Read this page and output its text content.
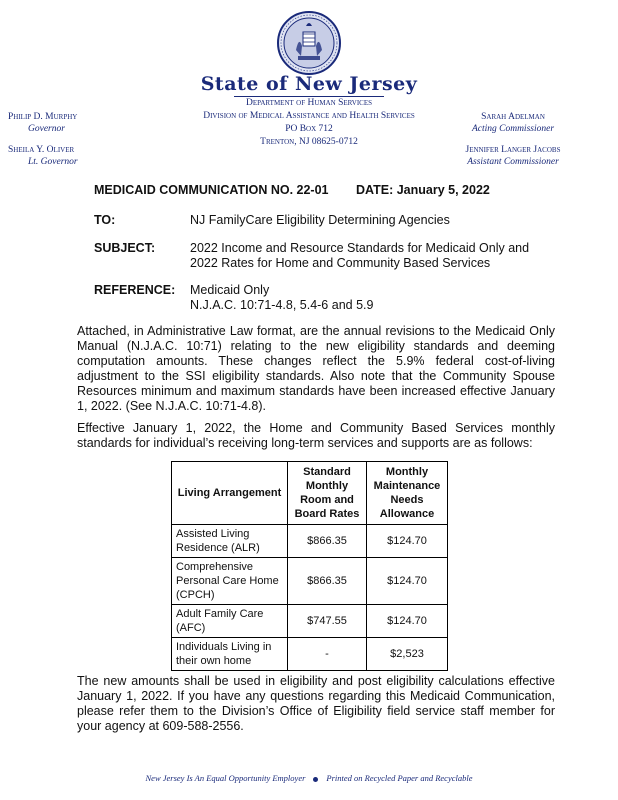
State of New Jersey
Department of Human Services
Division of Medical Assistance and Health Services
PO Box 712
Trenton, NJ 08625-0712
Philip D. Murphy
Governor
Sheila Y. Oliver
Lt. Governor
Sarah Adelman
Acting Commissioner
Jennifer Langer Jacobs
Assistant Commissioner
MEDICAID COMMUNICATION NO. 22-01 DATE: January 5, 2022
TO:	NJ FamilyCare Eligibility Determining Agencies
SUBJECT:	2022 Income and Resource Standards for Medicaid Only and 2022 Rates for Home and Community Based Services
REFERENCE: Medicaid Only
N.J.A.C. 10:71-4.8, 5.4-6 and 5.9
Attached, in Administrative Law format, are the annual revisions to the Medicaid Only Manual (N.J.A.C. 10:71) relating to the new eligibility standards and deeming computation amounts. These changes reflect the 5.9% federal cost-of-living adjustment to the SSI eligibility standards. Also note that the Community Spouse Resources minimum and maximum standards have been increased effective January 1, 2022. (See N.J.A.C. 10:71-4.8).
Effective January 1, 2022, the Home and Community Based Services monthly standards for individual’s receiving long-term services and supports are as follows:
Living Arrangement	Standard Monthly Room and Board Rates	Monthly Maintenance Needs Allowance
Assisted Living Residence (ALR)	$866.35	$124.70
Comprehensive Personal Care Home (CPCH)	$866.35	$124.70
Adult Family Care (AFC)	$747.55	$124.70
Individuals Living in their own home	-	$2,523
The new amounts shall be used in eligibility and post eligibility calculations effective January 1, 2022. If you have any questions regarding this Medicaid Communication, please refer them to the Division’s Office of Eligibility field service staff member for your agency at 609-588-2556.
New Jersey Is An Equal Opportunity Employer Printed on Recycled Paper and Recyclable
